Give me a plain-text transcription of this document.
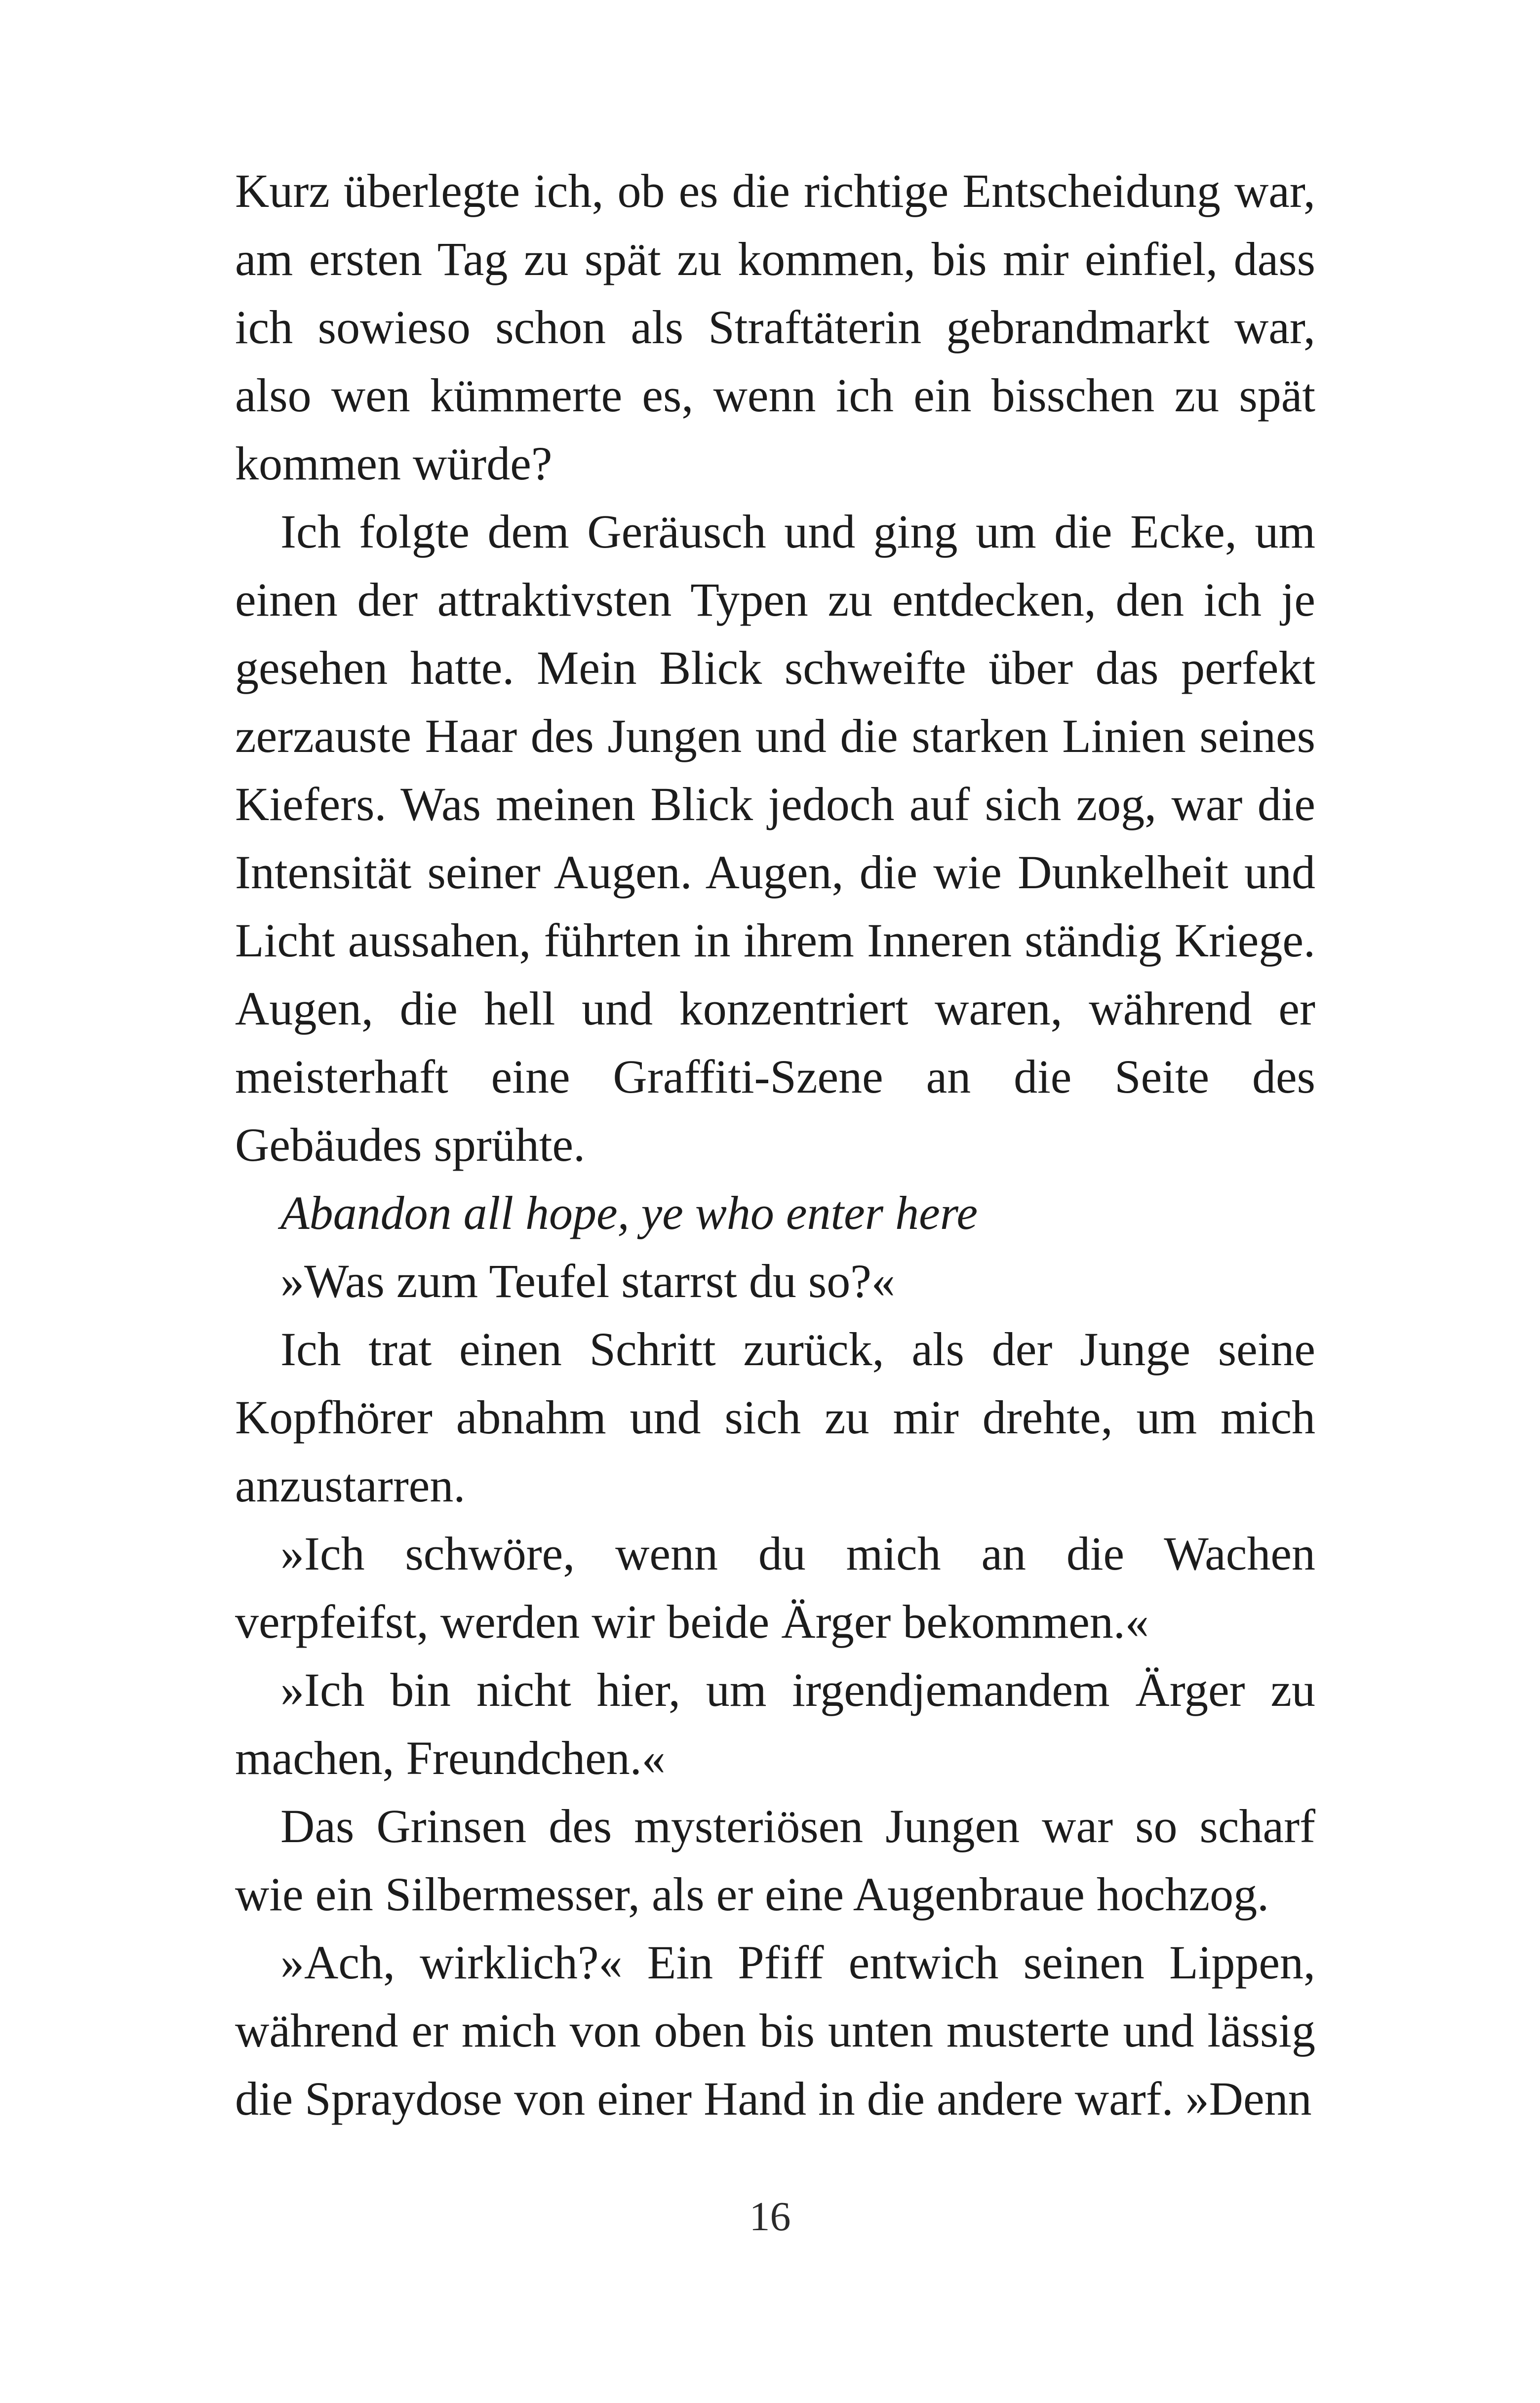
Kurz überlegte ich, ob es die richtige Entscheidung war, am ersten Tag zu spät zu kommen, bis mir einfiel, dass ich sowieso schon als Straftäterin gebrandmarkt war, also wen kümmerte es, wenn ich ein bisschen zu spät kommen würde?

Ich folgte dem Geräusch und ging um die Ecke, um einen der attraktivsten Typen zu entdecken, den ich je gesehen hatte. Mein Blick schweifte über das perfekt zerzauste Haar des Jungen und die starken Linien seines Kiefers. Was meinen Blick jedoch auf sich zog, war die Intensität seiner Augen. Augen, die wie Dunkelheit und Licht aussahen, führten in ihrem Inneren ständig Kriege. Augen, die hell und konzentriert waren, während er meisterhaft eine Graffiti-Szene an die Seite des Gebäudes sprühte.

Abandon all hope, ye who enter here

»Was zum Teufel starrst du so?«

Ich trat einen Schritt zurück, als der Junge seine Kopfhörer abnahm und sich zu mir drehte, um mich anzustarren.

»Ich schwöre, wenn du mich an die Wachen verpfeifst, werden wir beide Ärger bekommen.«

»Ich bin nicht hier, um irgendjemandem Ärger zu machen, Freundchen.«

Das Grinsen des mysteriösen Jungen war so scharf wie ein Silbermesser, als er eine Augenbraue hochzog.

»Ach, wirklich?« Ein Pfiff entwich seinen Lippen, während er mich von oben bis unten musterte und lässig die Spraydose von einer Hand in die andere warf. »Denn

16
